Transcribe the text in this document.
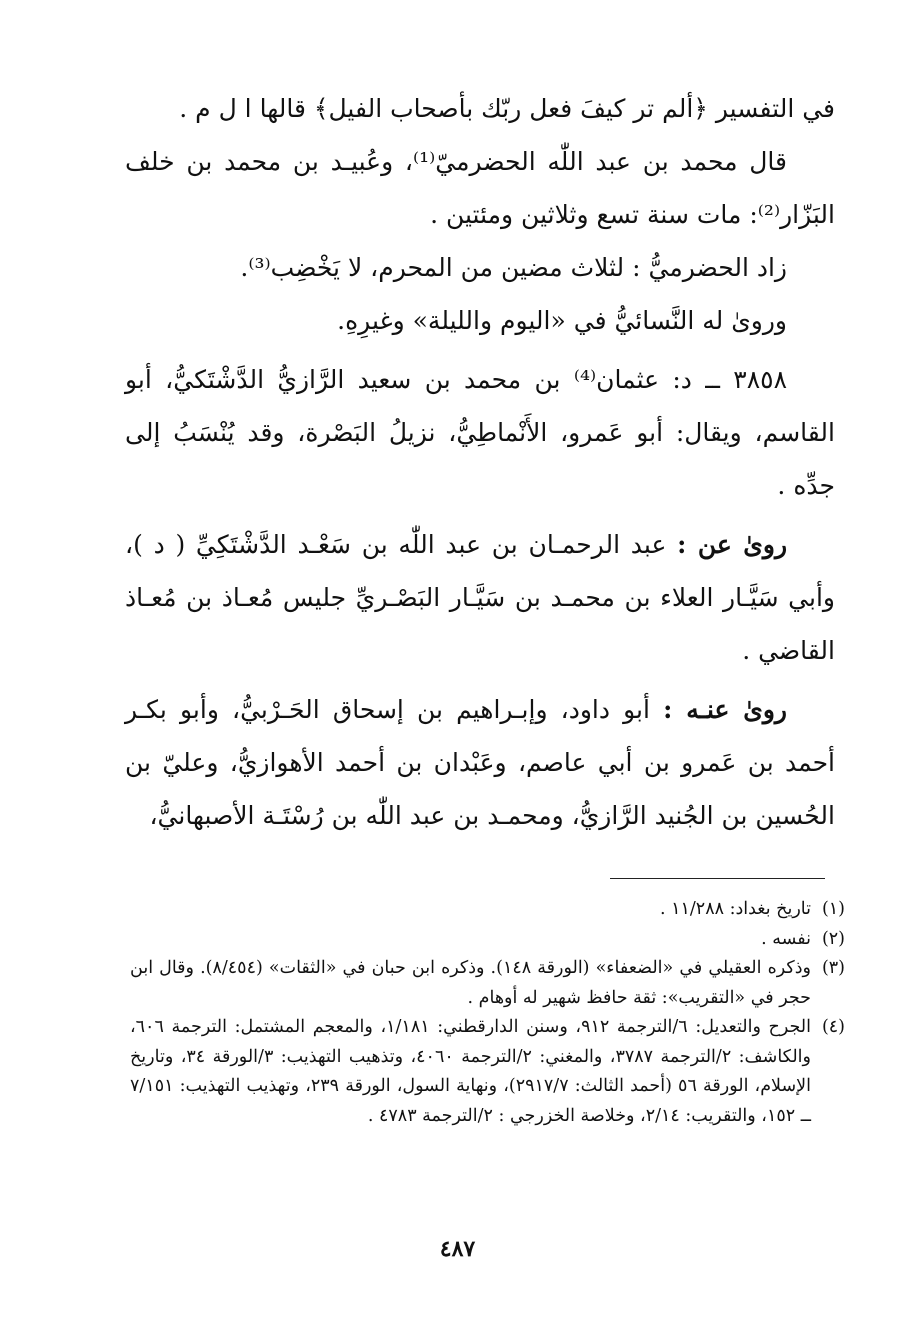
في التفسير ﴿ألم تر كيفَ فعل ربّك بأصحاب الفيل﴾ قالها ا ل م .

قال محمد بن عبد اللّٰه الحضرميّ⁽¹⁾، وعُبيـد بن محمد بن خلف البَزّار⁽²⁾: مات سنة تسع وثلاثين ومئتين .

زاد الحضرميُّ : لثلاث مضين من المحرم، لا يَخْضِب⁽³⁾.

وروىٰ له النَّسائيُّ في «اليوم والليلة» وغيرِهِ.

٣٨٥٨ ــ د: عثمان⁽⁴⁾ بن محمد بن سعيد الرَّازيُّ الدَّشْتَكيُّ، أبو القاسم، ويقال: أبو عَمرو، الأَنْماطِيُّ، نزيلُ البَصْرة، وقد يُنْسَبُ إلى جدِّه .

روىٰ عن : عبد الرحمـان بن عبد اللّٰه بن سَعْـد الدَّشْتَكِيِّ ( د )، وأبي سَيَّـار العلاء بن محمـد بن سَيَّـار البَصْـريِّ جليس مُعـاذ بن مُعـاذ القاضي .

روىٰ عنـه : أبو داود، وإبـراهيم بن إسحاق الحَـرْبيُّ، وأبو بكـر أحمد بن عَمرو بن أبي عاصم، وعَبْدان بن أحمد الأهوازيُّ، وعليّ بن الحُسين بن الجُنيد الرَّازيُّ، ومحمـد بن عبد اللّٰه بن رُسْتَـة الأصبهانيُّ،

(١)
تاريخ بغداد: ١١/٢٨٨ .

(٢)
نفسه .

(٣)
وذكره العقيلي في «الضعفاء» (الورقة ١٤٨). وذكره ابن حبان في «الثقات» (٨/٤٥٤). وقال ابن حجر في «التقريب»: ثقة حافظ شهير له أوهام .

(٤)
الجرح والتعديل: ٦/الترجمة ٩١٢، وسنن الدارقطني: ١/١٨١، والمعجم المشتمل: الترجمة ٦٠٦، والكاشف: ٢/الترجمة ٣٧٨٧، والمغني: ٢/الترجمة ٤٠٦٠، وتذهيب التهذيب: ٣/الورقة ٣٤، وتاريخ الإسلام، الورقة ٥٦ (أحمد الثالث: ٢٩١٧/٧)، ونهاية السول، الورقة ٢٣٩، وتهذيب التهذيب: ٧/١٥١ ــ ١٥٢، والتقريب: ٢/١٤، وخلاصة الخزرجي : ٢/الترجمة ٤٧٨٣ .

٤٨٧
